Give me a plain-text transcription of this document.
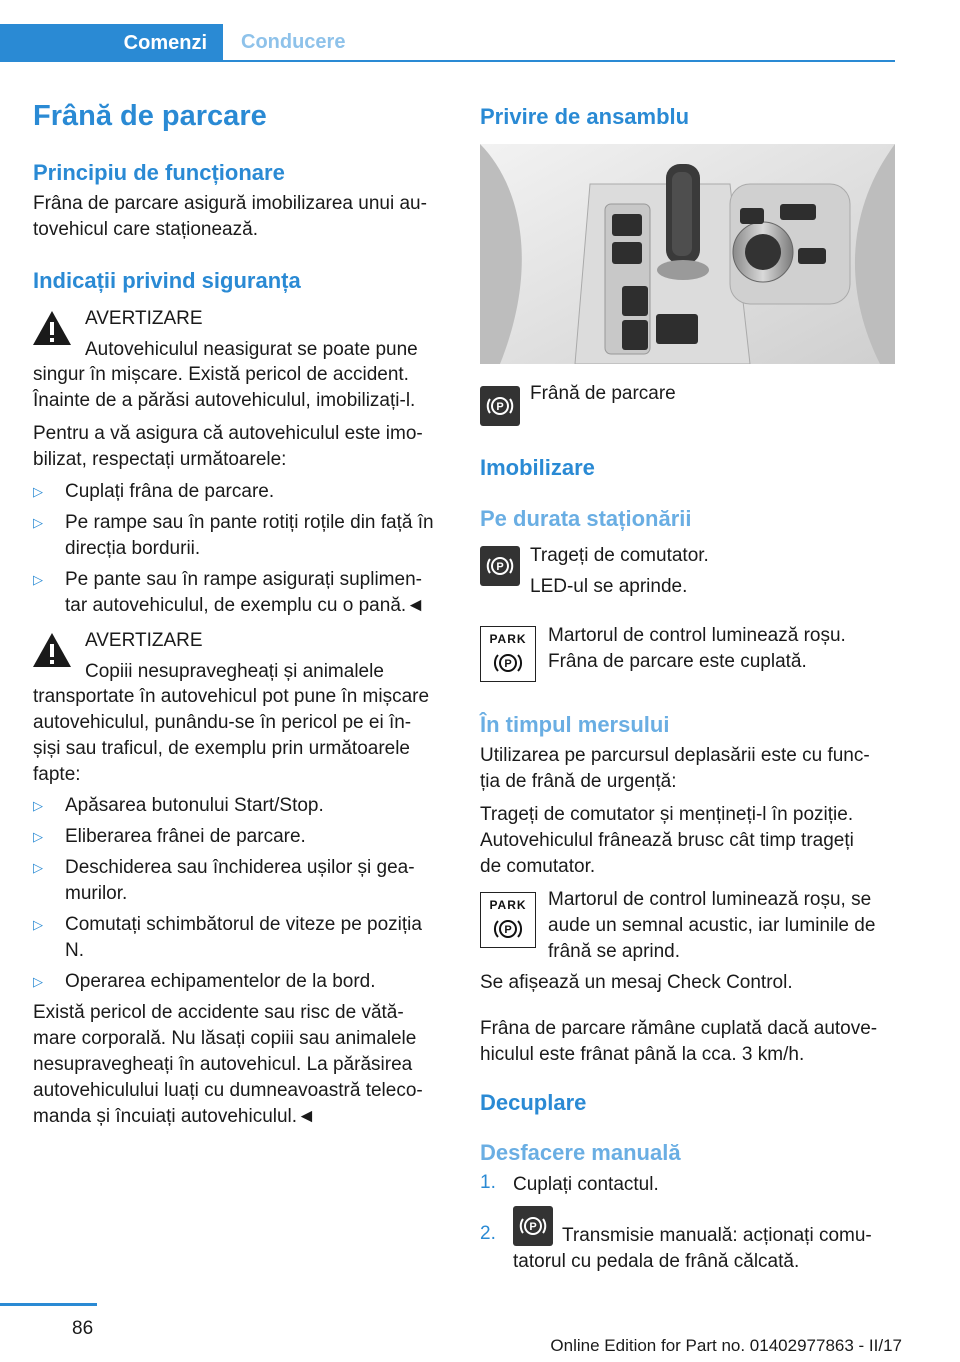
Comenzi	Conducere
Frână de parcare
Principiu de funcționare
Frâna de parcare asigură imobilizarea unui au-
tovehicul care staționează.
Indicații privind siguranța
AVERTIZARE
Autovehiculul neasigurat se poate pune
singur în mișcare. Există pericol de accident.
Înainte de a părăsi autovehiculul, imobilizați-l.
Pentru a vă asigura că autovehiculul este imo-
bilizat, respectați următoarele:
▷ Cuplați frâna de parcare.
▷ Pe rampe sau în pante rotiți roțile din față în
direcția bordurii.
▷ Pe pante sau în rampe asigurați suplimen-
tar autovehiculul, de exemplu cu o pană.◄
AVERTIZARE
Copiii nesupravegheați și animalele
transportate în autovehicul pot pune în mișcare
autovehiculul, punându-se în pericol pe ei în-
șiși sau traficul, de exemplu prin următoarele
fapte:
▷ Apăsarea butonului Start/Stop.
▷ Eliberarea frânei de parcare.
▷ Deschiderea sau închiderea ușilor și gea-
murilor.
▷ Comutați schimbătorul de viteze pe poziția
N.
▷ Operarea echipamentelor de la bord.
Există pericol de accidente sau risc de vătă-
mare corporală. Nu lăsați copiii sau animalele
nesupravegheați în autovehicul. La părăsirea
autovehiculului luați cu dumneavoastră teleco-
manda și încuiați autovehiculul.◄
Privire de ansamblu
P
Frână de parcare
Imobilizare
Pe durata staționării
P
Trageți de comutator.
LED-ul se aprinde.
PARK
P
Martorul de control luminează roșu.
Frâna de parcare este cuplată.
În timpul mersului
Utilizarea pe parcursul deplasării este cu func-
ția de frână de urgență:
Trageți de comutator și mențineți-l în poziție.
Autovehiculul frânează brusc cât timp trageți
de comutator.
PARK
P
Martorul de control luminează roșu, se
aude un semnal acustic, iar luminile de
frână se aprind.
Se afișează un mesaj Check Control.
Frâna de parcare rămâne cuplată dacă autove-
hiculul este frânat până la cca. 3 km/h.
Decuplare
Desfacere manuală
1. Cuplați contactul.
2.	P Transmisie manuală: acționați comu-
tatorul cu pedala de frână călcată.
86
Online Edition for Part no. 01402977863 - II/17
